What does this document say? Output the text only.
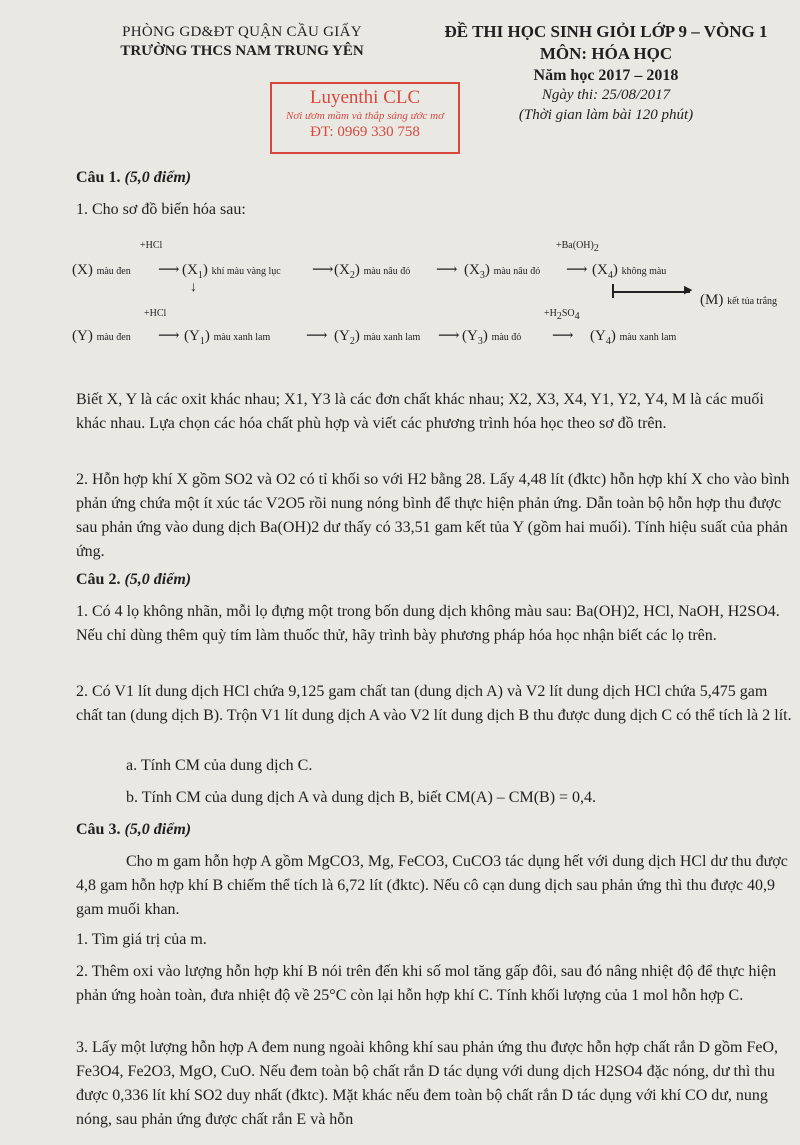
PHÒNG GD&ĐT QUẬN CẦU GIẤY
TRƯỜNG THCS NAM TRUNG YÊN
ĐỀ THI HỌC SINH GIỎI LỚP 9 – VÒNG 1
MÔN: HÓA HỌC
Năm học 2017 – 2018
Ngày thi: 25/08/2017
(Thời gian làm bài 120 phút)
Luyenthi CLC
Nơi ươm mầm và thắp sáng ước mơ
ĐT: 0969 330 758
Câu 1. (5,0 điểm)
1. Cho sơ đồ biến hóa sau:
+HCl	$+Ba(OH)_2$
(X) màu đen ⟶ $(X_1)$ khí màu vàng lục ⟶ $(X_2)$ màu nâu đỏ ⟶ $(X_3)$ màu nâu đỏ ⟶ $(X_4)$ không màu
↓	▶
(M) kết tủa trắng
+HCl	$+H_2SO_4$
(Y) màu đen ⟶ $(Y_1)$ màu xanh lam ⟶ $(Y_2)$ màu xanh lam ⟶ $(Y_3)$ màu đỏ ⟶ $(Y_4)$ màu xanh lam
Biết X, Y là các oxit khác nhau; X1, Y3 là các đơn chất khác nhau; X2, X3, X4, Y1, Y2, Y4, M là các muối khác nhau. Lựa chọn các hóa chất phù hợp và viết các phương trình hóa học theo sơ đồ trên.
2. Hỗn hợp khí X gồm SO2 và O2 có tỉ khối so với H2 bằng 28. Lấy 4,48 lít (đktc) hỗn hợp khí X cho vào bình phản ứng chứa một ít xúc tác V2O5 rồi nung nóng bình để thực hiện phản ứng. Dẫn toàn bộ hỗn hợp thu được sau phản ứng vào dung dịch Ba(OH)2 dư thấy có 33,51 gam kết tủa Y (gồm hai muối). Tính hiệu suất của phản ứng.
Câu 2. (5,0 điểm)
1. Có 4 lọ không nhãn, mỗi lọ đựng một trong bốn dung dịch không màu sau: Ba(OH)2, HCl, NaOH, H2SO4. Nếu chỉ dùng thêm quỳ tím làm thuốc thử, hãy trình bày phương pháp hóa học nhận biết các lọ trên.
2. Có V1 lít dung dịch HCl chứa 9,125 gam chất tan (dung dịch A) và V2 lít dung dịch HCl chứa 5,475 gam chất tan (dung dịch B). Trộn V1 lít dung dịch A vào V2 lít dung dịch B thu được dung dịch C có thể tích là 2 lít.
a. Tính CM của dung dịch C.
b. Tính CM của dung dịch A và dung dịch B, biết CM(A) – CM(B) = 0,4.
Câu 3. (5,0 điểm)
Cho m gam hỗn hợp A gồm MgCO3, Mg, FeCO3, CuCO3 tác dụng hết với dung dịch HCl dư thu được 4,8 gam hỗn hợp khí B chiếm thể tích là 6,72 lít (đktc). Nếu cô cạn dung dịch sau phản ứng thì thu được 40,9 gam muối khan.
1. Tìm giá trị của m.
2. Thêm oxi vào lượng hỗn hợp khí B nói trên đến khi số mol tăng gấp đôi, sau đó nâng nhiệt độ để thực hiện phản ứng hoàn toàn, đưa nhiệt độ về 25°C còn lại hỗn hợp khí C. Tính khối lượng của 1 mol hỗn hợp C.
3. Lấy một lượng hỗn hợp A đem nung ngoài không khí sau phản ứng thu được hỗn hợp chất rắn D gồm FeO, Fe3O4, Fe2O3, MgO, CuO. Nếu đem toàn bộ chất rắn D tác dụng với dung dịch H2SO4 đặc nóng, dư thì thu được 0,336 lít khí SO2 duy nhất (đktc). Mặt khác nếu đem toàn bộ chất rắn D tác dụng với khí CO dư, nung nóng, sau phản ứng được chất rắn E và hỗn
